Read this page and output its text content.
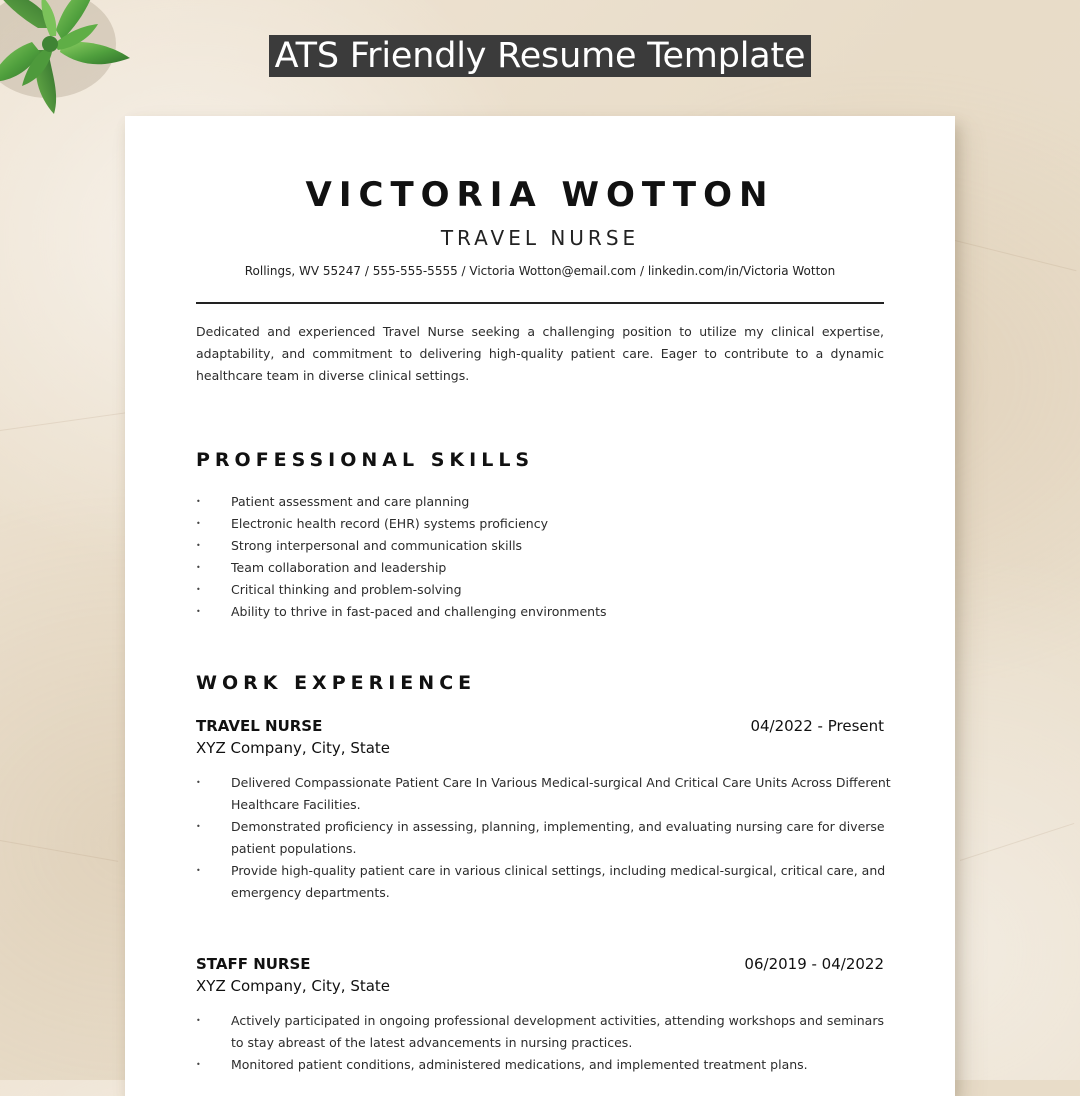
ATS Friendly Resume Template
VICTORIA WOTTON
TRAVEL NURSE
Rollings, WV 55247 / 555-555-5555 / Victoria Wotton@email.com / linkedin.com/in/Victoria Wotton

Dedicated and experienced Travel Nurse seeking a challenging position to utilize my clinical expertise, adaptability, and commitment to delivering high-quality patient care. Eager to contribute to a dynamic healthcare team in diverse clinical settings.

PROFESSIONAL SKILLS
• Patient assessment and care planning
• Electronic health record (EHR) systems proficiency
• Strong interpersonal and communication skills
• Team collaboration and leadership
• Critical thinking and problem-solving
• Ability to thrive in fast-paced and challenging environments
WORK EXPERIENCE
TRAVEL NURSE	04/2022 - Present
XYZ Company, City, State
• Delivered Compassionate Patient Care In Various Medical-surgical And Critical Care Units Across Different Healthcare Facilities.
• Demonstrated proficiency in assessing, planning, implementing, and evaluating nursing care for diverse patient populations.
• Provide high-quality patient care in various clinical settings, including medical-surgical, critical care, and emergency departments.
STAFF NURSE	06/2019 - 04/2022
XYZ Company, City, State
• Actively participated in ongoing professional development activities, attending workshops and seminars to stay abreast of the latest advancements in nursing practices.
• Monitored patient conditions, administered medications, and implemented treatment plans.
